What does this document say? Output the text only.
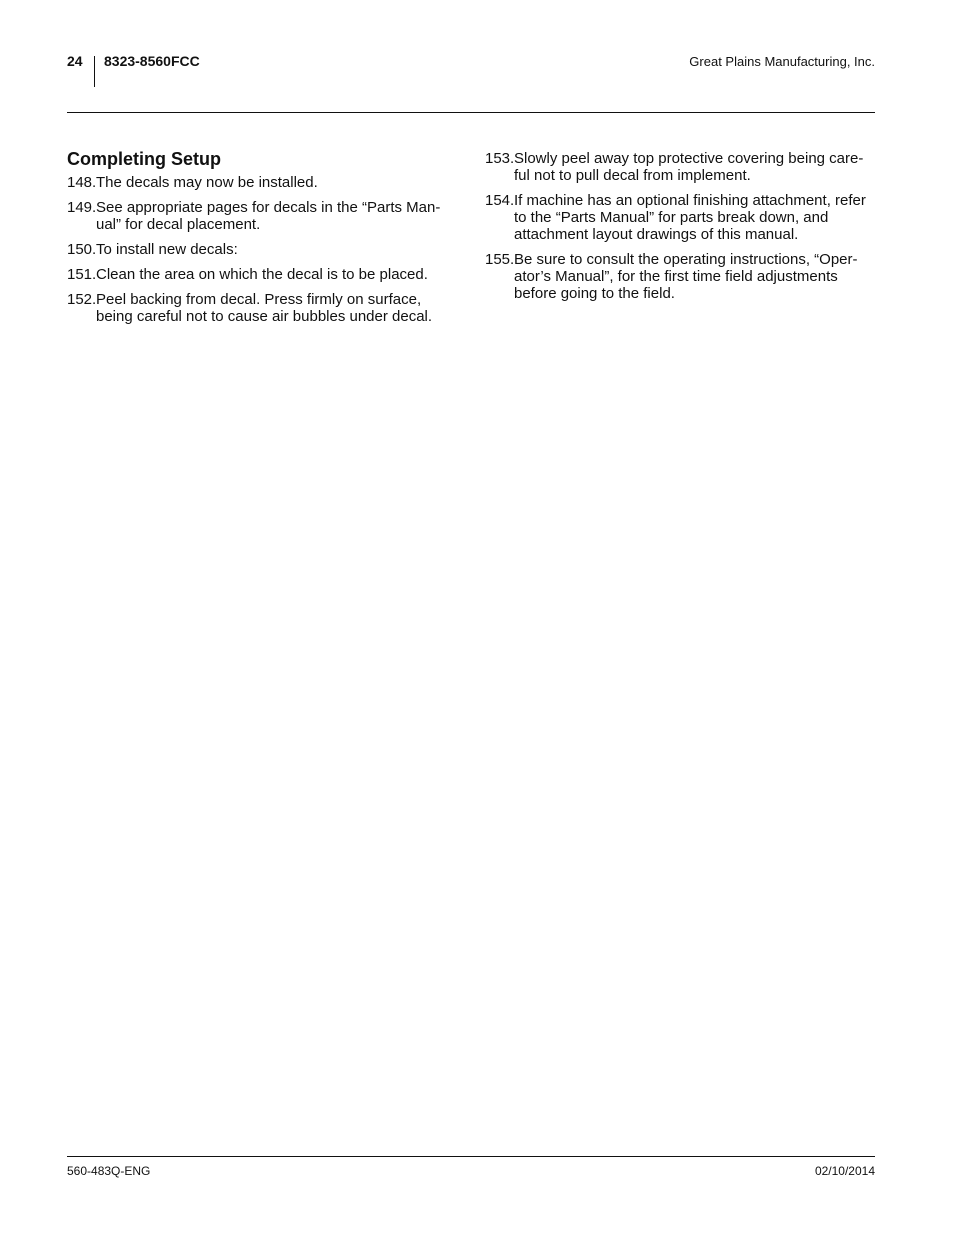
24 8323-8560FCC	Great Plains Manufacturing, Inc.
Completing Setup
148. The decals may now be installed.
149. See appropriate pages for decals in the “Parts Man-ual” for decal placement.
150. To install new decals:
151. Clean the area on which the decal is to be placed.
152. Peel backing from decal. Press firmly on surface, being careful not to cause air bubbles under decal.
153. Slowly peel away top protective covering being care-ful not to pull decal from implement.
154. If machine has an optional finishing attachment, refer to the “Parts Manual” for parts break down, and attachment layout drawings of this manual.
155. Be sure to consult the operating instructions, “Oper-ator’s Manual”, for the first time field adjustments before going to the field.
560-483Q-ENG	02/10/2014
